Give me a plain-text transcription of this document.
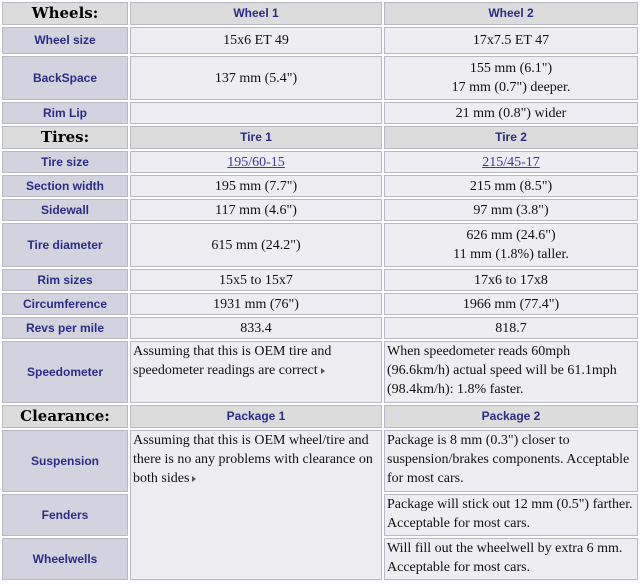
Wheels:	Wheel 1	Wheel 2
Wheel size	15x6 ET 49	17x7.5 ET 47
BackSpace	137 mm (5.4")	155 mm (6.1")
17 mm (0.7") deeper.

Rim Lip		21 mm (0.8") wider
Tires:	Tire 1	Tire 2
Tire size	195/60-15	215/45-17
Section width	195 mm (7.7")	215 mm (8.5")
Sidewall	117 mm (4.6")	97 mm (3.8")
Tire diameter	615 mm (24.2")	626 mm (24.6")
11 mm (1.8%) taller.

Rim sizes	15x5 to 15x7	17x6 to 17x8
Circumference	1931 mm (76")	1966 mm (77.4")
Revs per mile	833.4	818.7
Speedometer	Assuming that this is OEM tire and speedometer readings are correct	When speedometer reads 60mph (96.6km/h) actual speed will be 61.1mph (98.4km/h): 1.8% faster.
Clearance:	Package 1	Package 2
Suspension	Assuming that this is OEM wheel/tire and there is no any problems with clearance on both sides	Package is 8 mm (0.3") closer to suspension/brakes components. Acceptable for most cars.
Fenders		Package will stick out 12 mm (0.5") farther. Acceptable for most cars.
Wheelwells		Will fill out the wheelwell by extra 6 mm. Acceptable for most cars.
